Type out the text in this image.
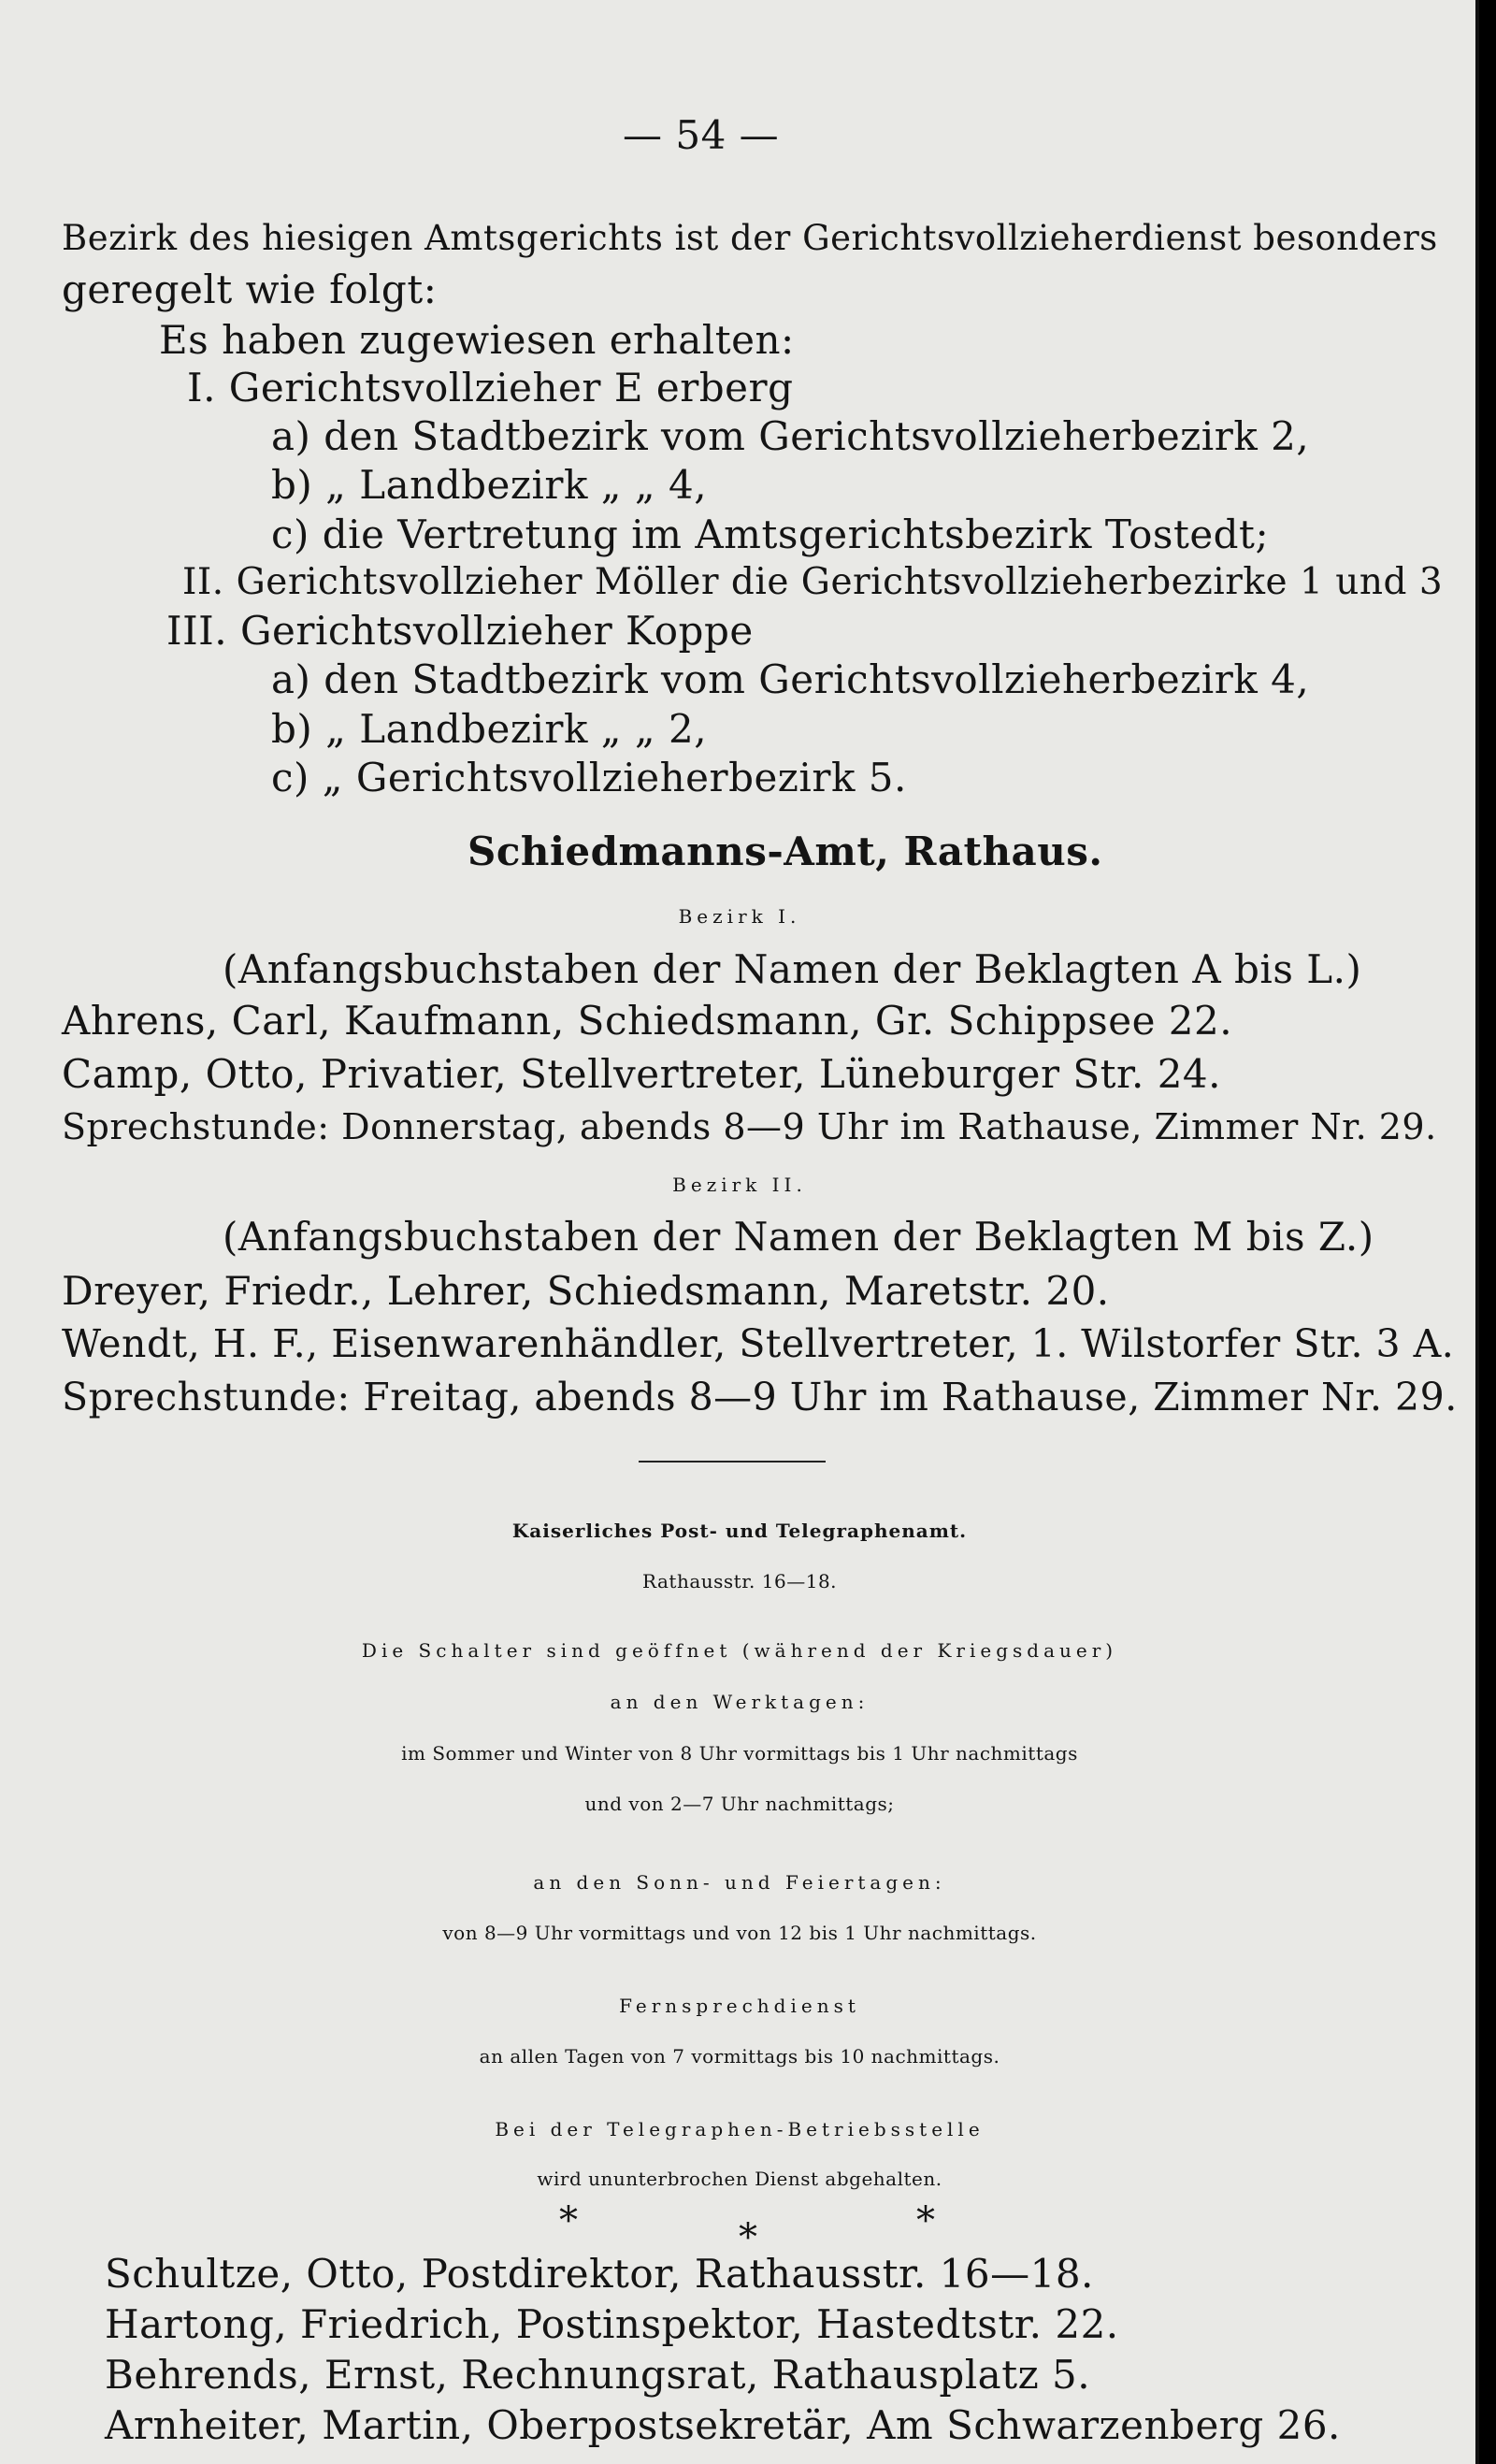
— 54 —
Bezirk des hiesigen Amtsgerichts ist der Gerichtsvollzieherdienst besonders
geregelt wie folgt:
Es haben zugewiesen erhalten:
I. Gerichtsvollzieher E erberg
a) den Stadtbezirk vom Gerichtsvollzieherbezirk 2,
b) „ Landbezirk „ „ 4,
c) die Vertretung im Amtsgerichtsbezirk Tostedt;
II. Gerichtsvollzieher Möller die Gerichtsvollzieherbezirke 1 und 3
III. Gerichtsvollzieher Koppe
a) den Stadtbezirk vom Gerichtsvollzieherbezirk 4,
b) „ Landbezirk „ „ 2,
c) „ Gerichtsvollzieherbezirk 5.
Schiedmanns-Amt, Rathaus.
Bezirk I.
(Anfangsbuchstaben der Namen der Beklagten A bis L.)
Ahrens, Carl, Kaufmann, Schiedsmann, Gr. Schippsee 22.
Camp, Otto, Privatier, Stellvertreter, Lüneburger Str. 24.
Sprechstunde: Donnerstag, abends 8—9 Uhr im Rathause, Zimmer Nr. 29.
Bezirk II.
(Anfangsbuchstaben der Namen der Beklagten M bis Z.)
Dreyer, Friedr., Lehrer, Schiedsmann, Maretstr. 20.
Wendt, H. F., Eisenwarenhändler, Stellvertreter, 1. Wilstorfer Str. 3 A.
Sprechstunde: Freitag, abends 8—9 Uhr im Rathause, Zimmer Nr. 29.
Kaiserliches Post- und Telegraphenamt.
Rathausstr. 16—18.
Die Schalter sind geöffnet (während der Kriegsdauer)
an den Werktagen:
im Sommer und Winter von 8 Uhr vormittags bis 1 Uhr nachmittags
und von 2—7 Uhr nachmittags;
an den Sonn- und Feiertagen:
von 8—9 Uhr vormittags und von 12 bis 1 Uhr nachmittags.
Fernsprechdienst
an allen Tagen von 7 vormittags bis 10 nachmittags.
Bei der Telegraphen-Betriebsstelle
wird ununterbrochen Dienst abgehalten.
*	*	*
Schultze, Otto, Postdirektor, Rathausstr. 16—18.
Hartong, Friedrich, Postinspektor, Hastedtstr. 22.
Behrends, Ernst, Rechnungsrat, Rathausplatz 5.
Arnheiter, Martin, Oberpostsekretär, Am Schwarzenberg 26.
